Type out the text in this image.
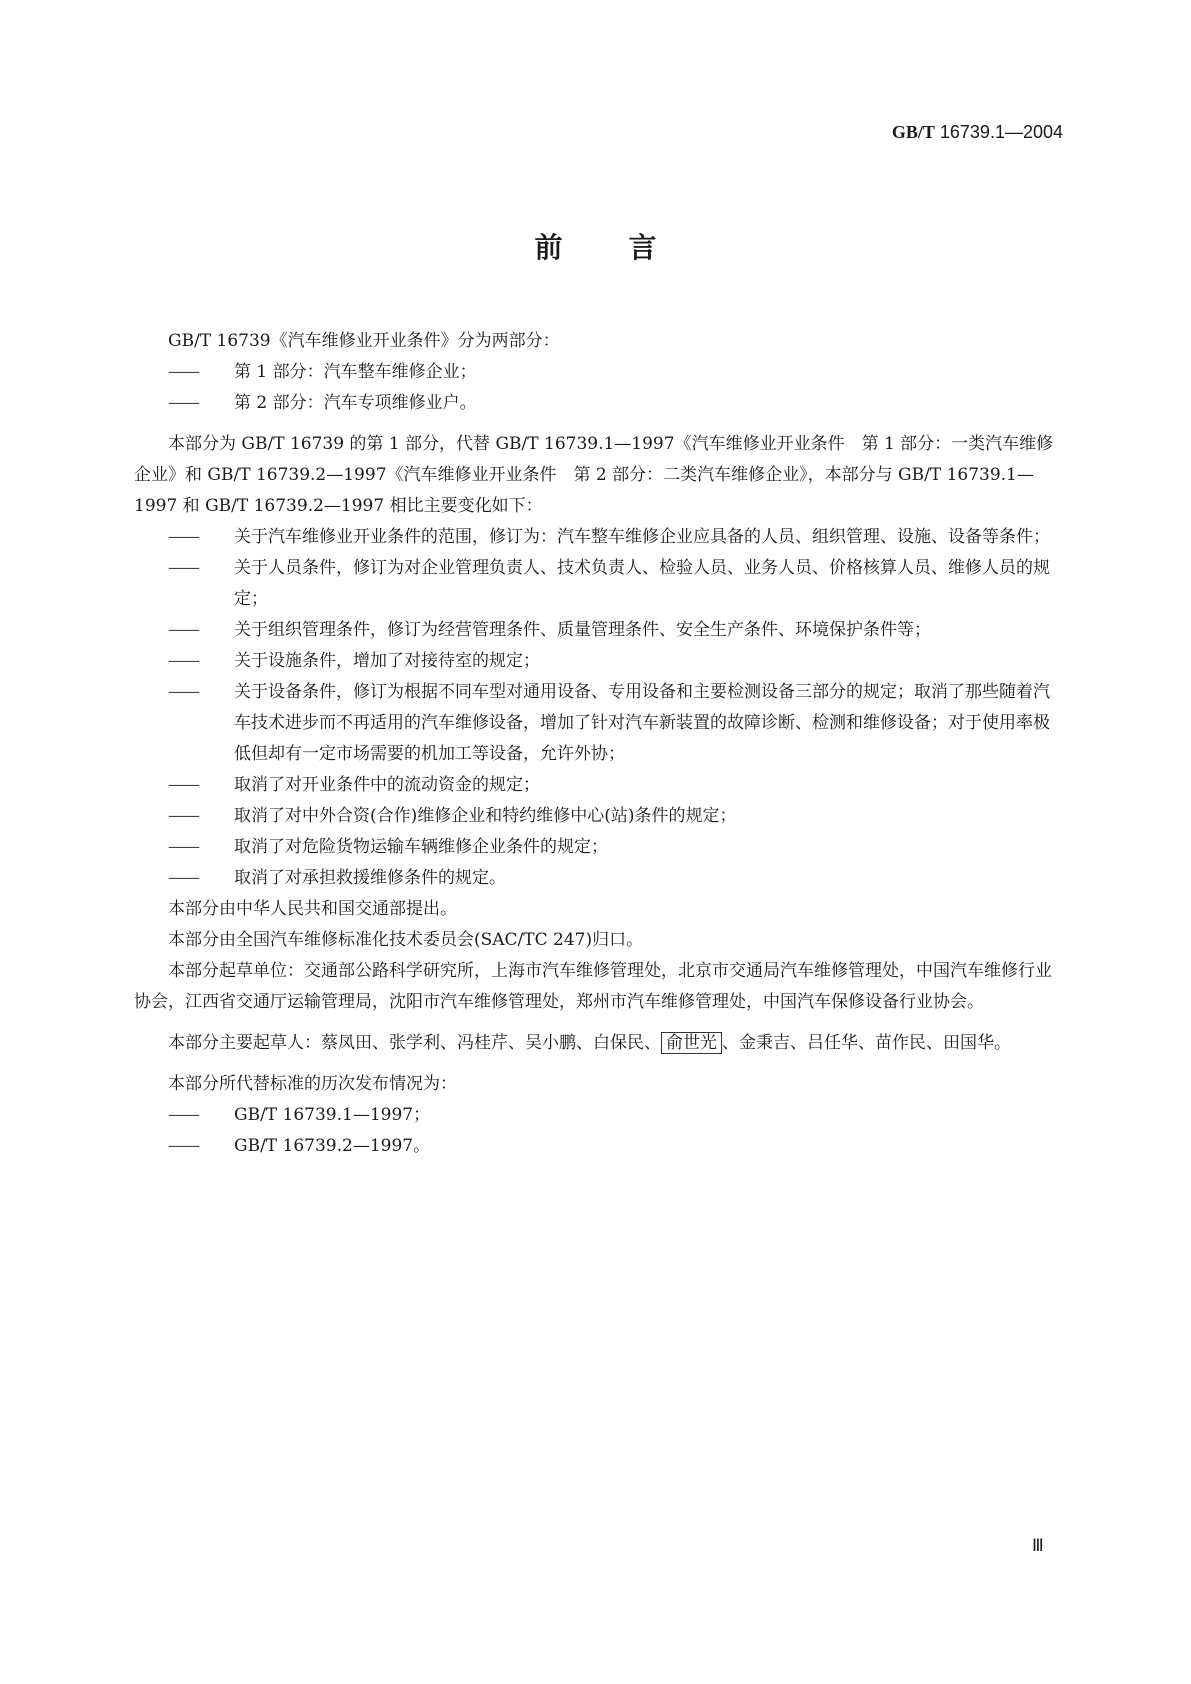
GB/T 16739.1—2004
前 言

GB/T 16739《汽车维修业开业条件》分为两部分：

—— 第 1 部分：汽车整车维修企业；

—— 第 2 部分：汽车专项维修业户。

本部分为 GB/T 16739 的第 1 部分，代替 GB/T 16739.1—1997《汽车维修业开业条件　第 1 部分：一类汽车维修企业》和 GB/T 16739.2—1997《汽车维修业开业条件　第 2 部分：二类汽车维修企业》，本部分与 GB/T 16739.1—1997 和 GB/T 16739.2—1997 相比主要变化如下：

—— 关于汽车维修业开业条件的范围，修订为：汽车整车维修企业应具备的人员、组织管理、设施、设备等条件；

—— 关于人员条件，修订为对企业管理负责人、技术负责人、检验人员、业务人员、价格核算人员、维修人员的规定；

—— 关于组织管理条件，修订为经营管理条件、质量管理条件、安全生产条件、环境保护条件等；

—— 关于设施条件，增加了对接待室的规定；

—— 关于设备条件，修订为根据不同车型对通用设备、专用设备和主要检测设备三部分的规定；取消了那些随着汽车技术进步而不再适用的汽车维修设备，增加了针对汽车新装置的故障诊断、检测和维修设备；对于使用率极低但却有一定市场需要的机加工等设备，允许外协；

—— 取消了对开业条件中的流动资金的规定；

—— 取消了对中外合资(合作)维修企业和特约维修中心(站)条件的规定；

—— 取消了对危险货物运输车辆维修企业条件的规定；

—— 取消了对承担救援维修条件的规定。

本部分由中华人民共和国交通部提出。

本部分由全国汽车维修标准化技术委员会(SAC/TC 247)归口。

本部分起草单位：交通部公路科学研究所，上海市汽车维修管理处，北京市交通局汽车维修管理处，中国汽车维修行业协会，江西省交通厅运输管理局，沈阳市汽车维修管理处，郑州市汽车维修管理处，中国汽车保修设备行业协会。

本部分主要起草人：蔡凤田、张学利、冯桂芹、吴小鹏、白保民、 俞世光 、金秉吉、吕任华、苗作民、田国华。

本部分所代替标准的历次发布情况为：

—— GB/T 16739.1—1997；

—— GB/T 16739.2—1997。

Ⅲ
